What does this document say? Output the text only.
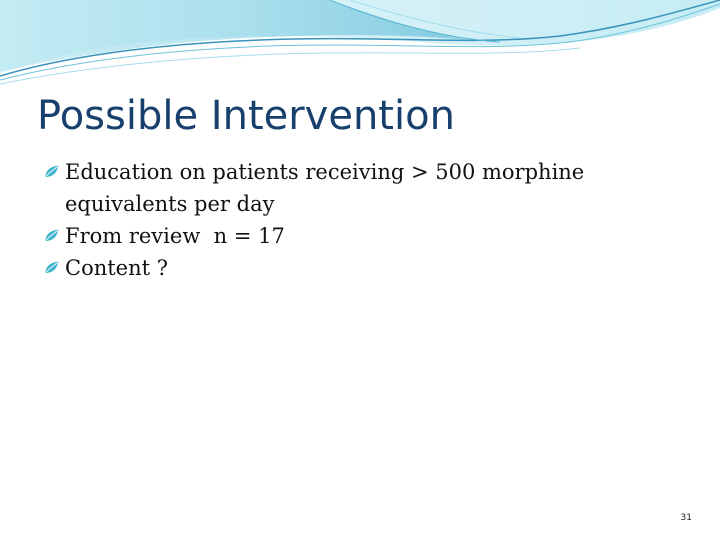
Possible Intervention
Education on patients receiving > 500 morphine equivalents per day
From review  n = 17
Content ?
31
